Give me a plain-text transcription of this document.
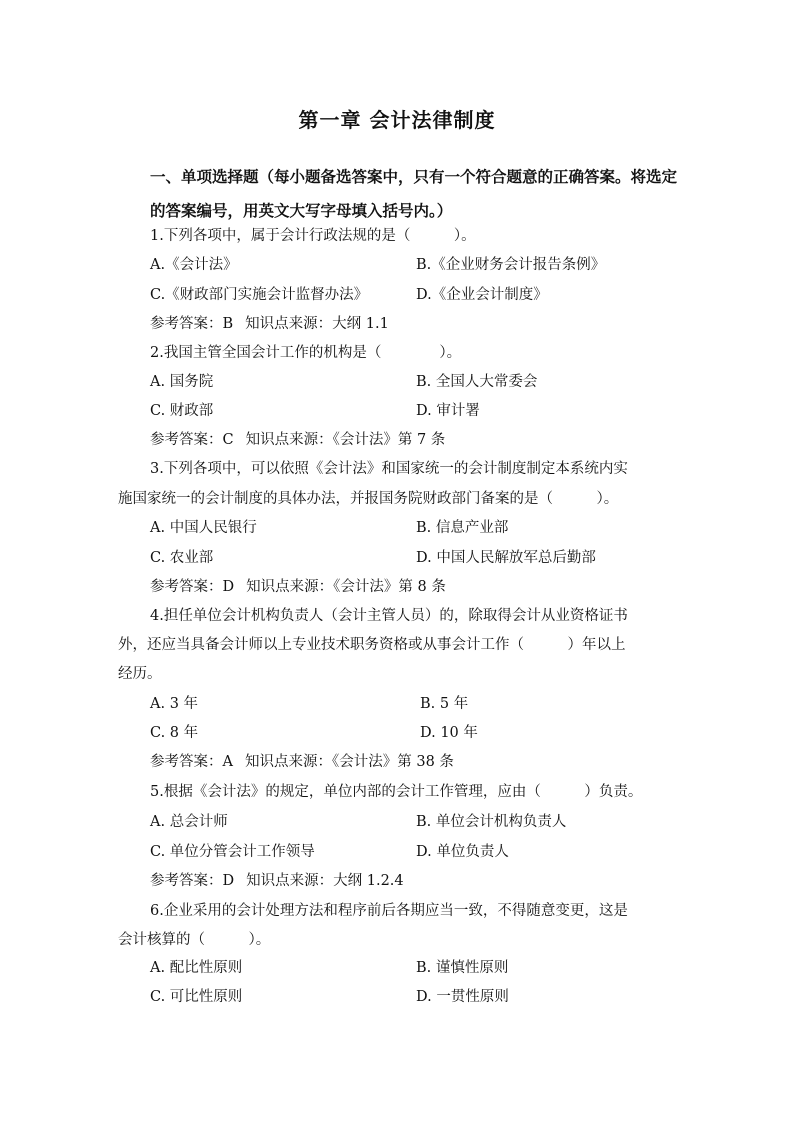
第一章 会计法律制度
一、单项选择题（每小题备选答案中，只有一个符合题意的正确答案。将选定的答案编号，用英文大写字母填入括号内。）
1.下列各项中，属于会计行政法规的是（　　　）。
A.《会计法》	B.《企业财务会计报告条例》
C.《财政部门实施会计监督办法》	D.《企业会计制度》
参考答案：B 知识点来源：大纲 1.1
2.我国主管全国会计工作的机构是（　　　　）。
A. 国务院	B. 全国人大常委会
C. 财政部	D. 审计署
参考答案：C 知识点来源：《会计法》第 7 条
3.下列各项中，可以依照《会计法》和国家统一的会计制度制定本系统内实
施国家统一的会计制度的具体办法，并报国务院财政部门备案的是（　　　）。
A. 中国人民银行	B. 信息产业部
C. 农业部	D. 中国人民解放军总后勤部
参考答案：D 知识点来源：《会计法》第 8 条
4.担任单位会计机构负责人（会计主管人员）的，除取得会计从业资格证书
外，还应当具备会计师以上专业技术职务资格或从事会计工作（　　　）年以上
经历。
A. 3 年	B. 5 年
C. 8 年	D. 10 年
参考答案：A 知识点来源：《会计法》第 38 条
5.根据《会计法》的规定，单位内部的会计工作管理，应由（　　　）负责。
A. 总会计师	B. 单位会计机构负责人
C. 单位分管会计工作领导	D. 单位负责人
参考答案：D 知识点来源：大纲 1.2.4
6.企业采用的会计处理方法和程序前后各期应当一致，不得随意变更，这是
会计核算的（　　　）。
A. 配比性原则	B. 谨慎性原则
C. 可比性原则	D. 一贯性原则
